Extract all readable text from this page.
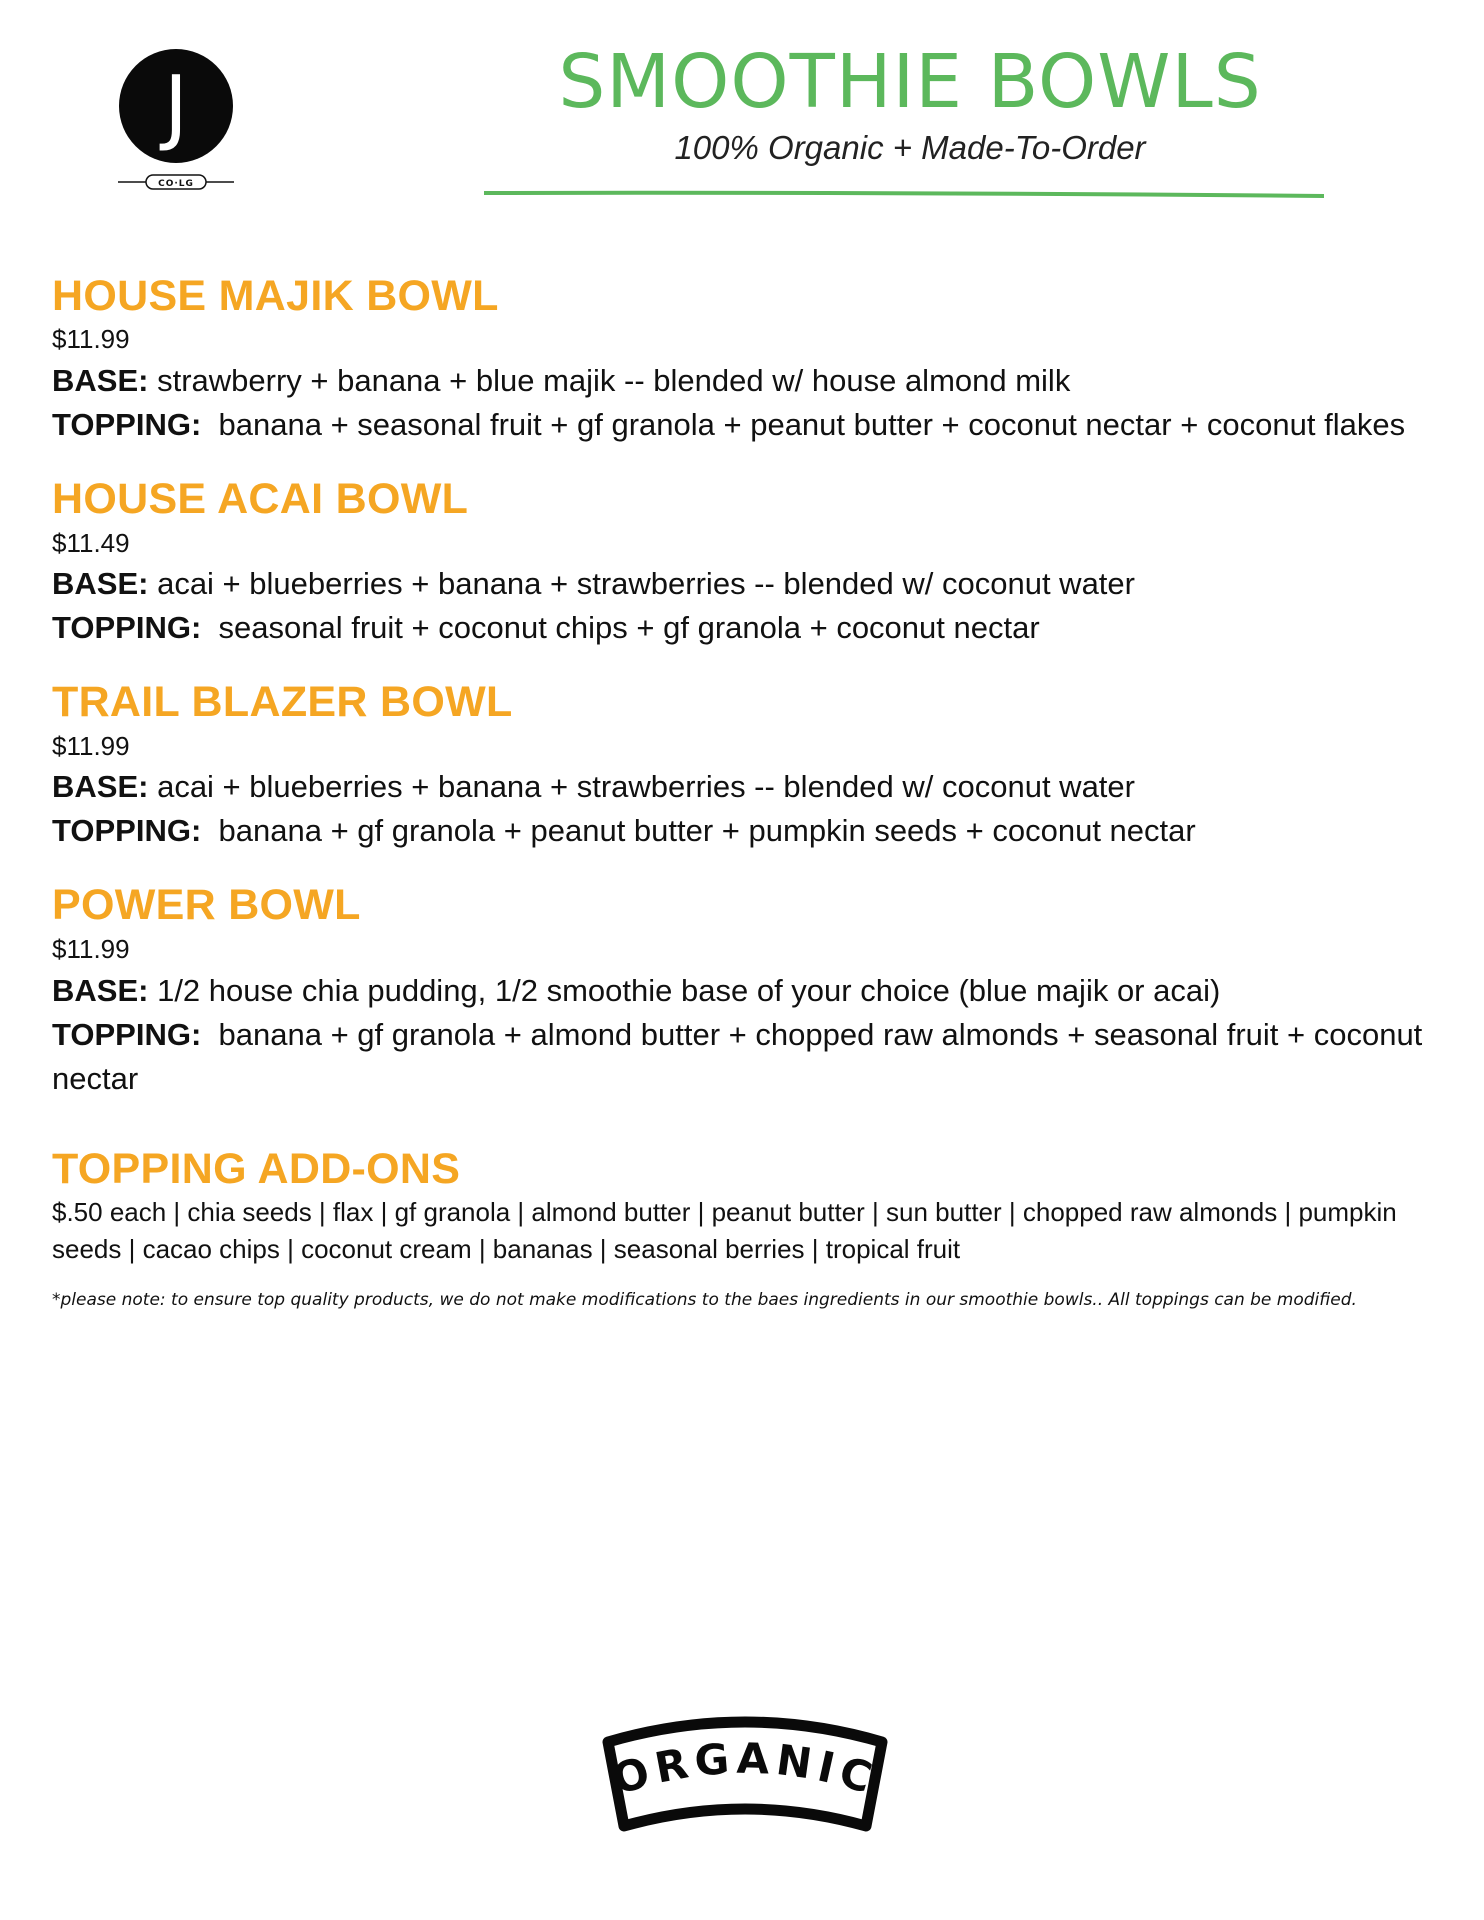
J
CO·LG
SMOOTHIE BOWLS
100% Organic + Made-To-Order
HOUSE MAJIK BOWL
$11.99
BASE: strawberry + banana + blue majik -- blended w/ house almond milk
TOPPING: banana + seasonal fruit + gf granola + peanut butter + coconut nectar + coconut flakes
HOUSE ACAI BOWL
$11.49
BASE: acai + blueberries + banana + strawberries -- blended w/ coconut water
TOPPING: seasonal fruit + coconut chips + gf granola + coconut nectar
TRAIL BLAZER BOWL
$11.99
BASE: acai + blueberries + banana + strawberries -- blended w/ coconut water
TOPPING: banana + gf granola + peanut butter + pumpkin seeds + coconut nectar
POWER BOWL
$11.99
BASE: 1/2 house chia pudding, 1/2 smoothie base of your choice (blue majik or acai)
TOPPING: banana + gf granola + almond butter + chopped raw almonds + seasonal fruit + coconut nectar
TOPPING ADD-ONS
$.50 each | chia seeds | flax | gf granola | almond butter | peanut butter | sun butter | chopped raw almonds | pumpkin seeds | cacao chips | coconut cream | bananas | seasonal berries | tropical fruit
*please note: to ensure top quality products, we do not make modifications to the baes ingredients in our smoothie bowls.. All toppings can be modified.
ORGANIC
